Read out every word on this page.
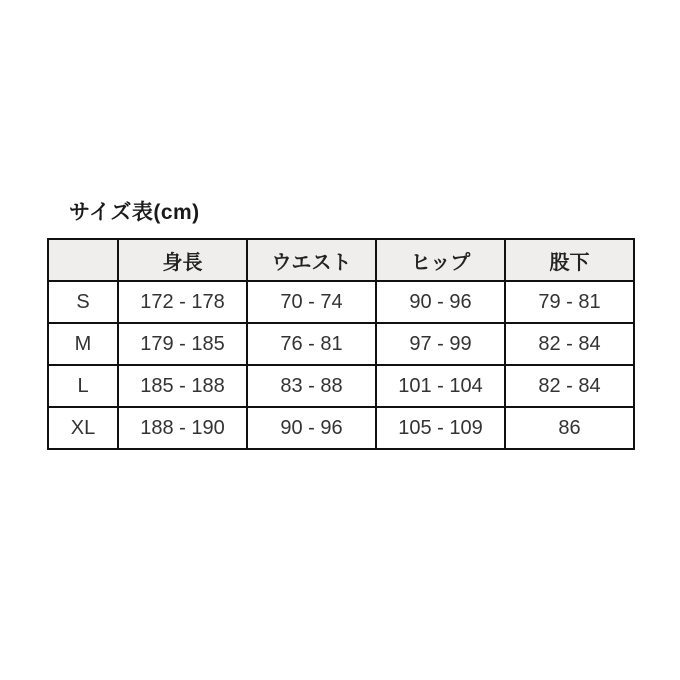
サイズ表(cm)
	身長	ウエスト	ヒップ	股下
S	172 - 178	70 - 74	90 - 96	79 - 81
M	179 - 185	76 - 81	97 - 99	82 - 84
L	185 - 188	83 - 88	101 - 104	82 - 84
XL	188 - 190	90 - 96	105 - 109	86
